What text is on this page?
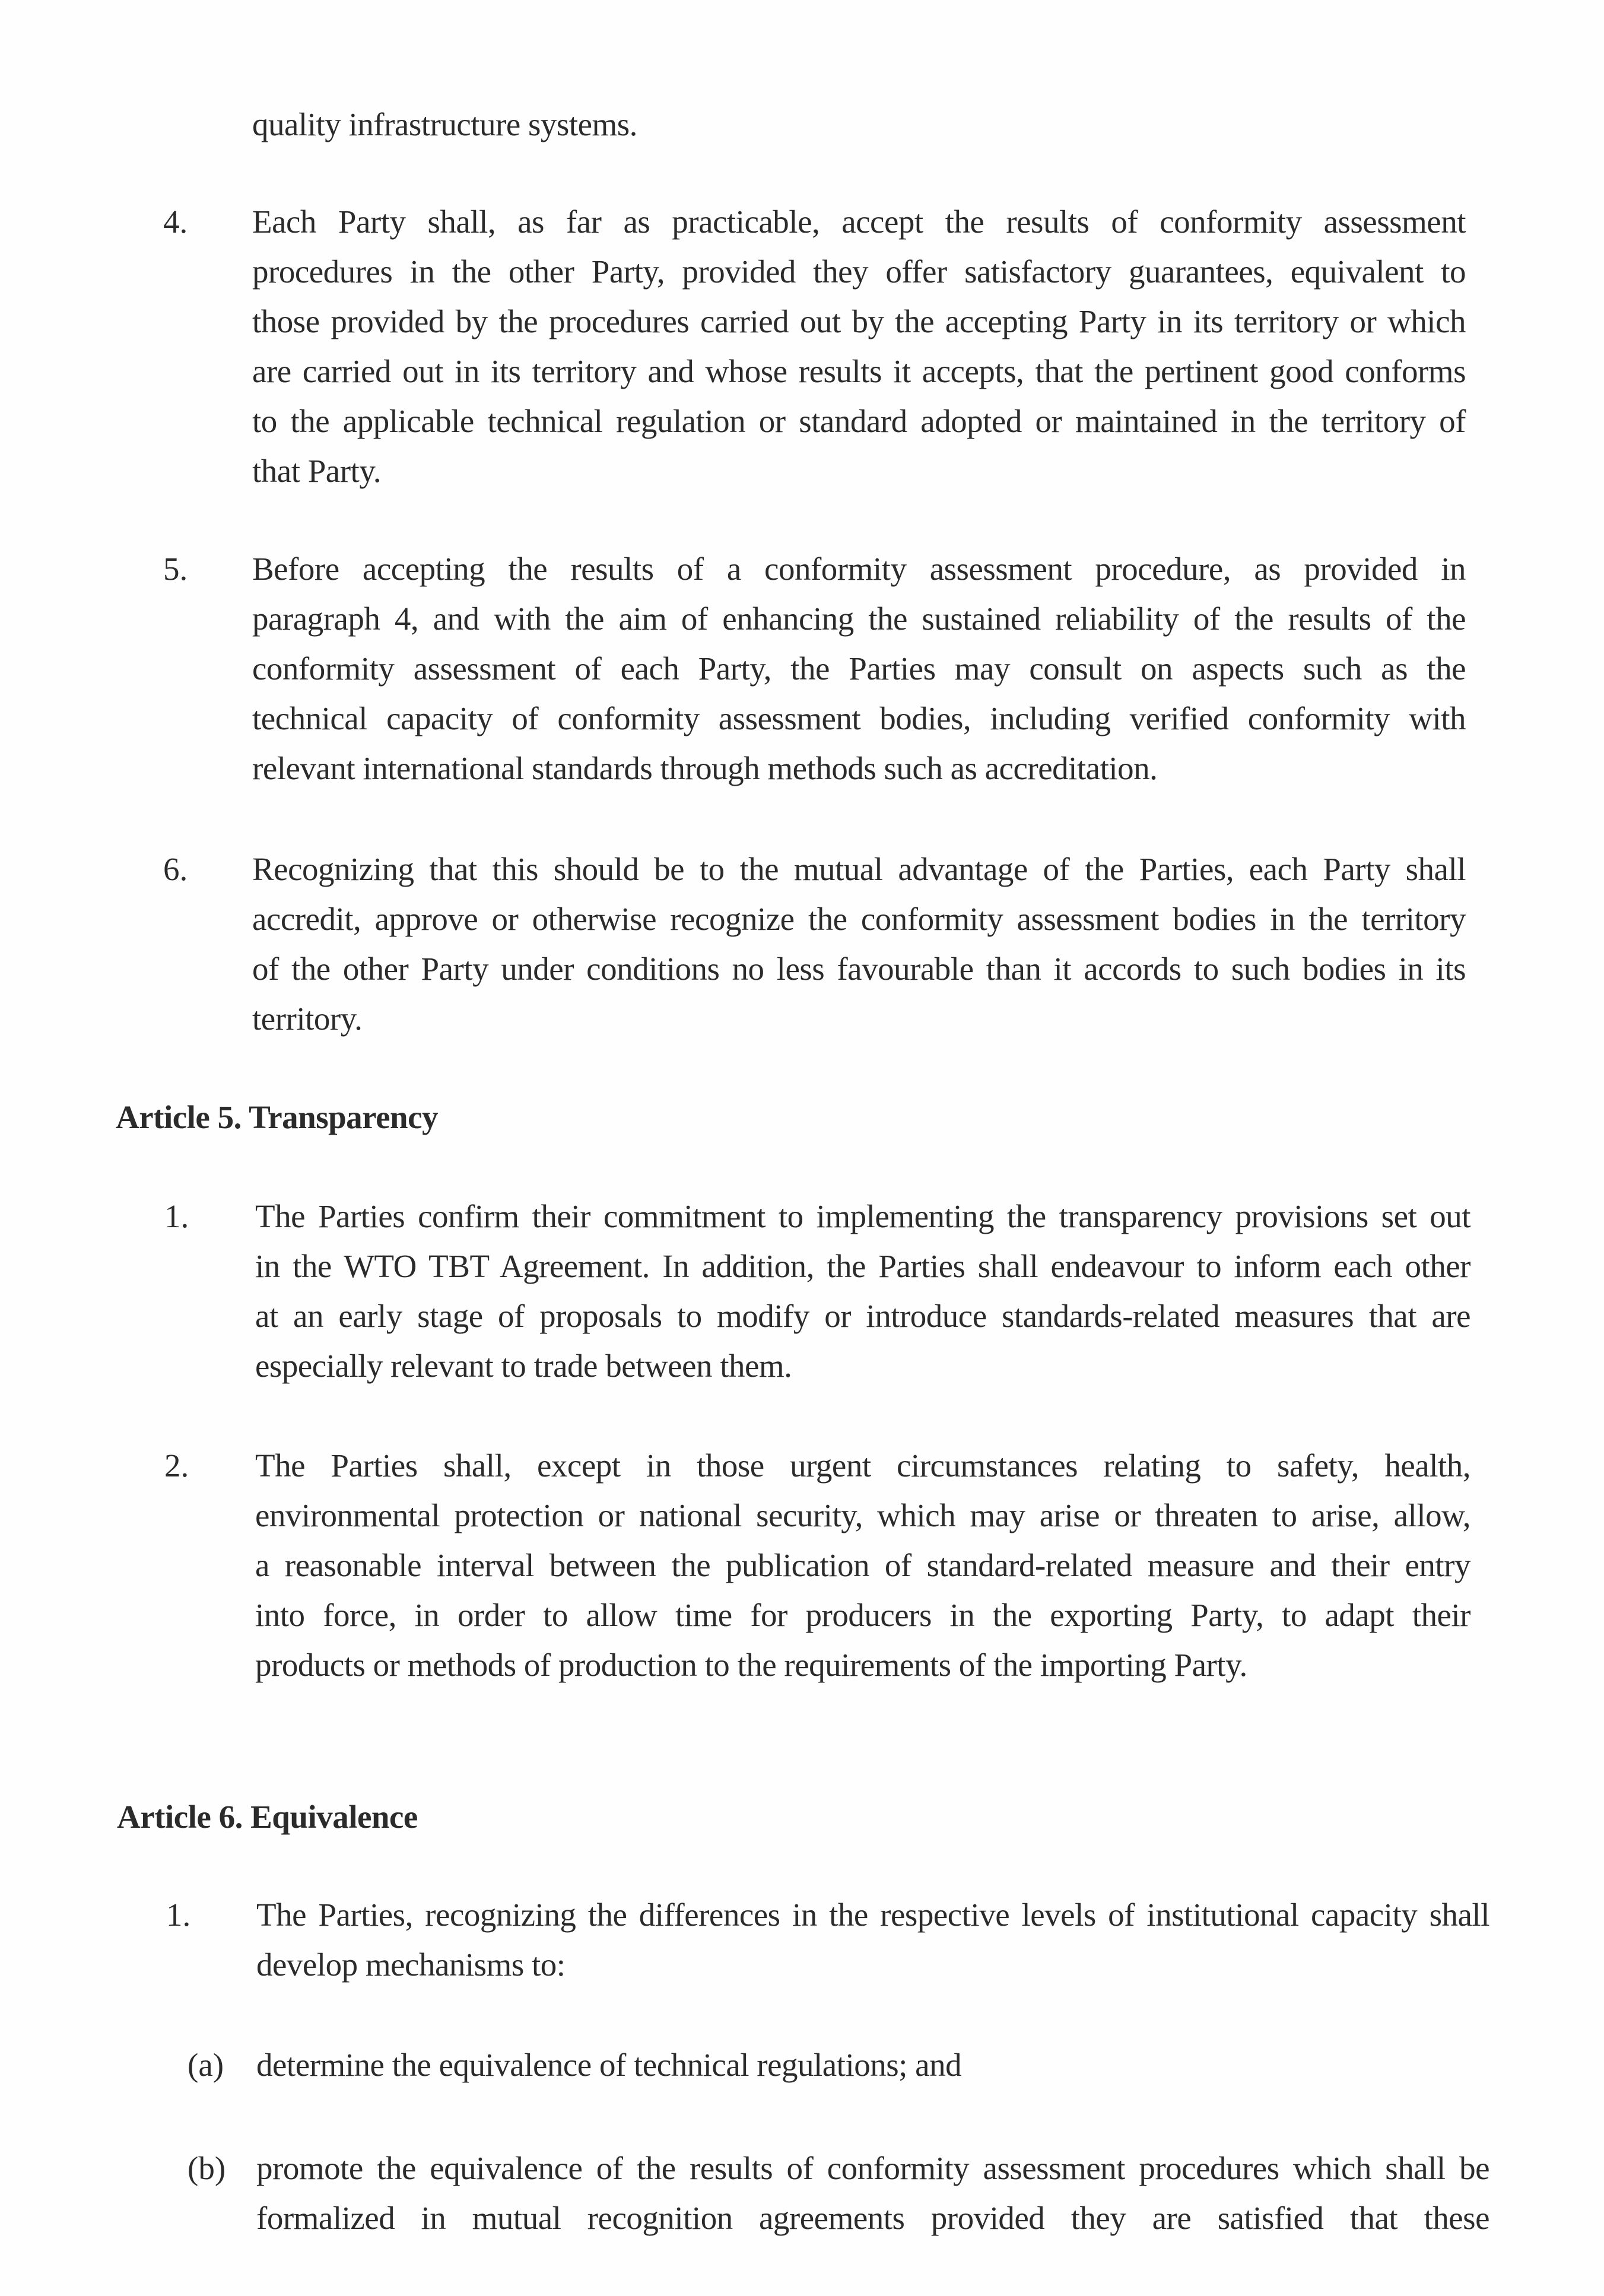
quality infrastructure systems.
4. Each Party shall, as far as practicable, accept the results of conformity assessment
procedures in the other Party, provided they offer satisfactory guarantees, equivalent to
those provided by the procedures carried out by the accepting Party in its territory or which
are carried out in its territory and whose results it accepts, that the pertinent good conforms
to the applicable technical regulation or standard adopted or maintained in the territory of
that Party.
5. Before accepting the results of a conformity assessment procedure, as provided in
paragraph 4, and with the aim of enhancing the sustained reliability of the results of the
conformity assessment of each Party, the Parties may consult on aspects such as the
technical capacity of conformity assessment bodies, including verified conformity with
relevant international standards through methods such as accreditation.
6. Recognizing that this should be to the mutual advantage of the Parties, each Party shall
accredit, approve or otherwise recognize the conformity assessment bodies in the territory
of the other Party under conditions no less favourable than it accords to such bodies in its
territory.
Article 5. Transparency
1. The Parties confirm their commitment to implementing the transparency provisions set out
in the WTO TBT Agreement. In addition, the Parties shall endeavour to inform each other
at an early stage of proposals to modify or introduce standards-related measures that are
especially relevant to trade between them.
2. The Parties shall, except in those urgent circumstances relating to safety, health,
environmental protection or national security, which may arise or threaten to arise, allow,
a reasonable interval between the publication of standard-related measure and their entry
into force, in order to allow time for producers in the exporting Party, to adapt their
products or methods of production to the requirements of the importing Party.
Article 6. Equivalence
1. The Parties, recognizing the differences in the respective levels of institutional capacity shall
develop mechanisms to:
(a) determine the equivalence of technical regulations; and
(b) promote the equivalence of the results of conformity assessment procedures which shall be
formalized in mutual recognition agreements provided they are satisfied that these
